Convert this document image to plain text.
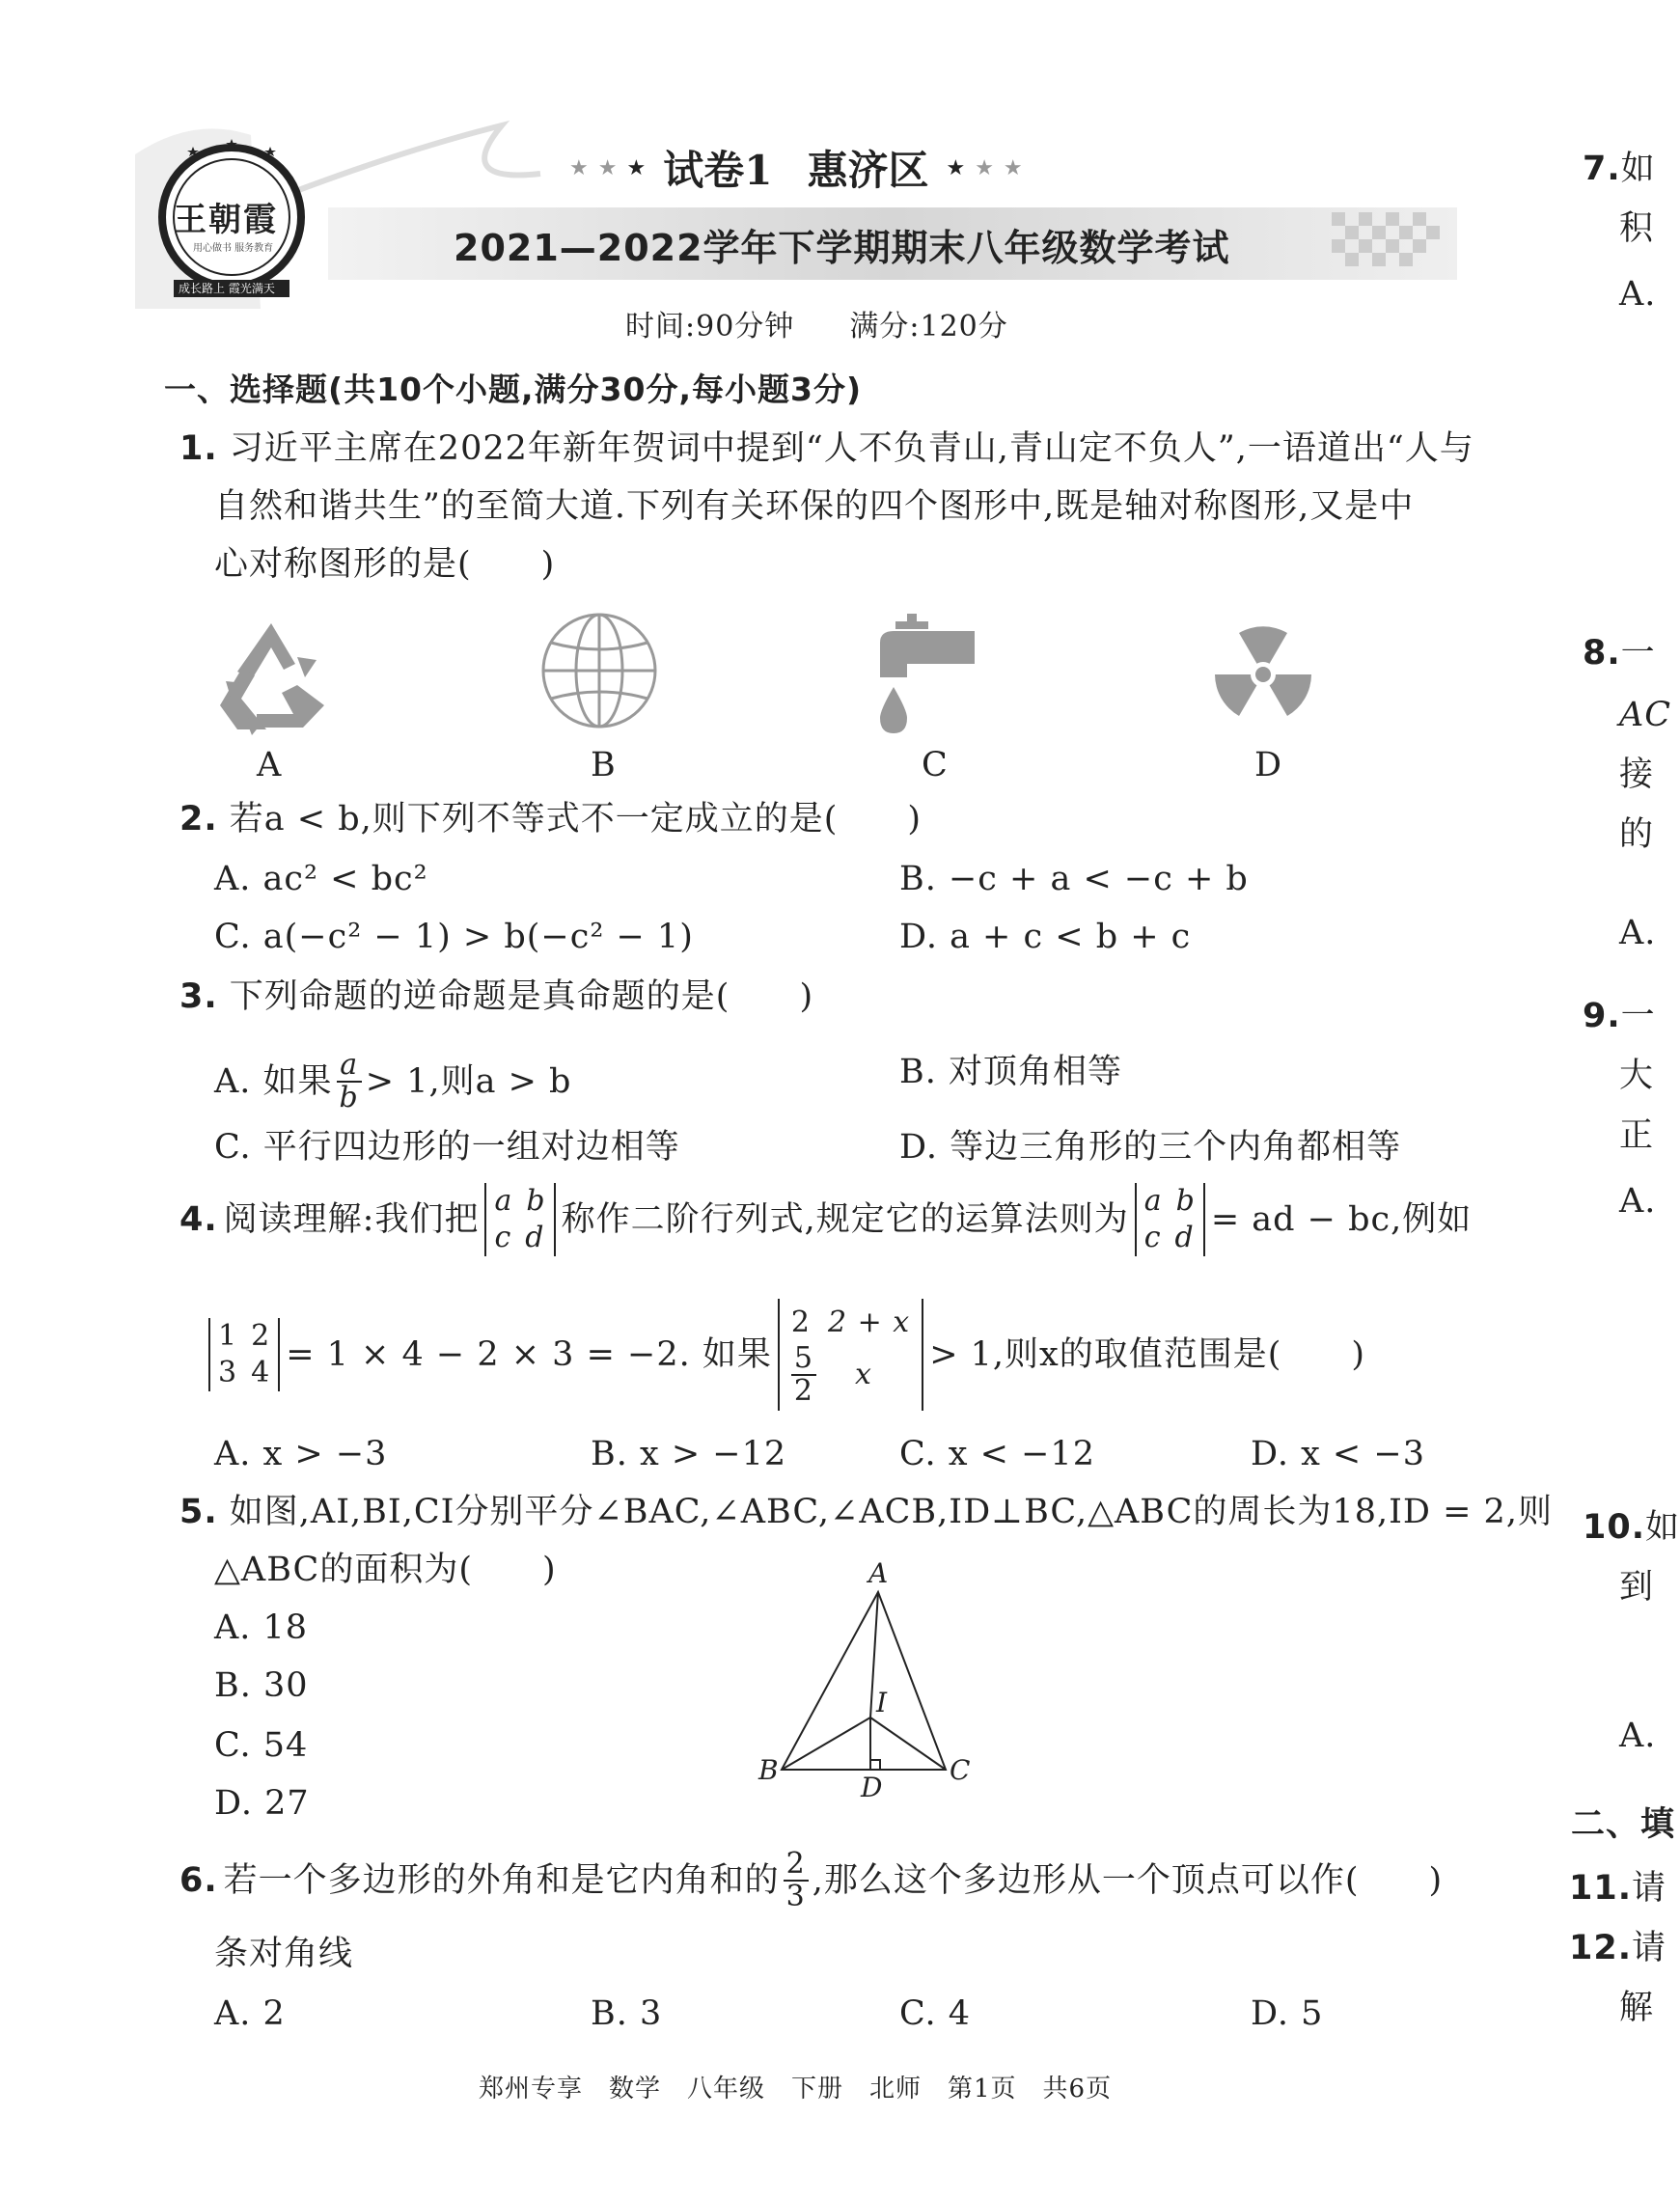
王朝霞
用心做书 服务教育
成长路上 霞光满天
★ ★ ★ 试卷1 惠济区 ★ ★ ★
2021—2022学年下学期期末八年级数学考试
时间:90分钟 满分:120分
一、选择题(共10个小题,满分30分,每小题3分)
1. 习近平主席在2022年新年贺词中提到“人不负青山,青山定不负人”,一语道出“人与
自然和谐共生”的至简大道.下列有关环保的四个图形中,既是轴对称图形,又是中
心对称图形的是(　　)
A	B	C	D
2. 若a < b,则下列不等式不一定成立的是(　　)
A. ac² < bc²	B. −c + a < −c + b
C. a(−c² − 1) > b(−c² − 1)	D. a + c < b + c
3. 下列命题的逆命题是真命题的是(　　)
A. 如果 $\frac{a}{b} > 1$,则a > b	B. 对顶角相等
C. 平行四边形的一组对边相等	D. 等边三角形的三个内角都相等
4. 阅读理解:我们把 a b
c d 称作二阶行列式,规定它的运算法则为 a b
c d = ad − bc,例如
1 2
3 4 = 1 × 4 − 2 × 3 = −2. 如果
2 2 + x
$\frac{5}{2}$ x
> 1,则x的取值范围是(　　)
A. x > −3	B. x > −12	C. x < −12	D. x < −3
5. 如图,AI,BI,CI分别平分∠BAC,∠ABC,∠ACB,ID⊥BC,△ABC的周长为18,ID = 2,则
△ABC的面积为(　　)
A. 18
B. 30
C. 54
D. 27
A
I
B	C
D
6. 若一个多边形的外角和是它内角和的 $\frac{2}{3}$ ,那么这个多边形从一个顶点可以作(　　)
条对角线
A. 2	B. 3	C. 4	D. 5
郑州专享　数学　八年级　下册　北师　第1页　共6页
7.如
积
A.
8.一
AC
接
的
A.
9.一
大
正
A.
10.如
到
A.
二、填
11.请
12.请
解
